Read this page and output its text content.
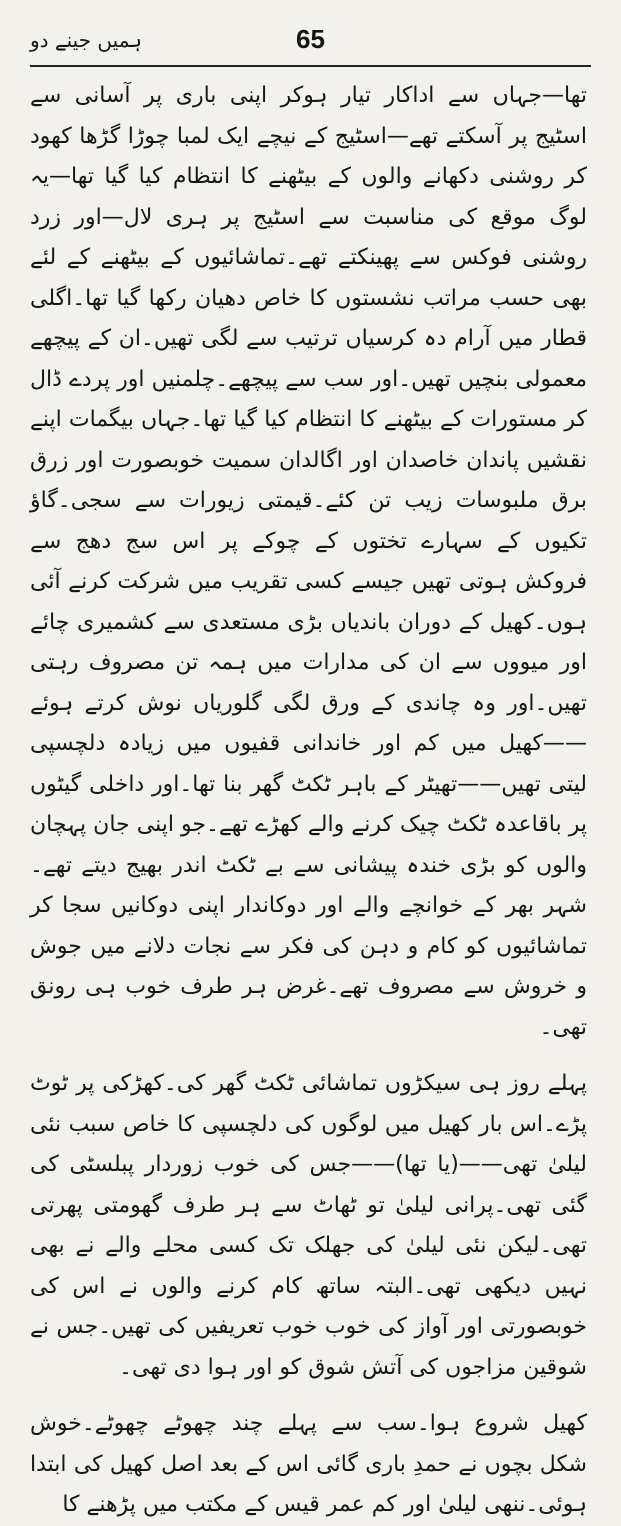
ہمیں جینے دو	65

تھا—جہاں سے اداکار تیار ہوکر اپنی باری پر آسانی سے اسٹیج پر آسکتے تھے—اسٹیج کے نیچے ایک لمبا چوڑا گڑھا کھود کر روشنی دکھانے والوں کے بیٹھنے کا انتظام کیا گیا تھا—یہ لوگ موقع کی مناسبت سے اسٹیج پر ہری لال—اور زرد روشنی فوکس سے پھینکتے تھے۔تماشائیوں کے بیٹھنے کے لئے بھی حسب مراتب نشستوں کا خاص دھیان رکھا گیا تھا۔اگلی قطار میں آرام دہ کرسیاں ترتیب سے لگی تھیں۔ان کے پیچھے معمولی بنچیں تھیں۔اور سب سے پیچھے۔چلمنیں اور پردے ڈال کر مستورات کے بیٹھنے کا انتظام کیا گیا تھا۔جہاں بیگمات اپنے نقشیں پاندان خاصدان اور اگالدان سمیت خوبصورت اور زرق برق ملبوسات زیب تن کئے۔قیمتی زیورات سے سجی۔گاؤ تکیوں کے سہارے تختوں کے چوکے پر اس سج دھج سے فروکش ہوتی تھیں جیسے کسی تقریب میں شرکت کرنے آئی ہوں۔کھیل کے دوران باندیاں بڑی مستعدی سے کشمیری چائے اور میووں سے ان کی مدارات میں ہمہ تن مصروف رہتی تھیں۔اور وہ چاندی کے ورق لگی گلوریاں نوش کرتے ہوئے——کھیل میں کم اور خاندانی قفیوں میں زیادہ دلچسپی لیتی تھیں——تھیٹر کے باہر ٹکٹ گھر بنا تھا۔اور داخلی گیٹوں پر باقاعدہ ٹکٹ چیک کرنے والے کھڑے تھے۔جو اپنی جان پہچان والوں کو بڑی خندہ پیشانی سے بے ٹکٹ اندر بھیج دیتے تھے۔شہر بھر کے خوانچے والے اور دوکاندار اپنی دوکانیں سجا کر تماشائیوں کو کام و دہن کی فکر سے نجات دلانے میں جوش و خروش سے مصروف تھے۔غرض ہر طرف خوب ہی رونق تھی۔

پہلے روز ہی سیکڑوں تماشائی ٹکٹ گھر کی۔کھڑکی پر ٹوٹ پڑے۔اس بار کھیل میں لوگوں کی دلچسپی کا خاص سبب نئی لیلیٰ تھی——(یا تھا)——جس کی خوب زوردار پبلسٹی کی گئی تھی۔پرانی لیلیٰ تو ٹھاٹ سے ہر طرف گھومتی پھرتی تھی۔لیکن نئی لیلیٰ کی جھلک تک کسی محلے والے نے بھی نہیں دیکھی تھی۔البتہ ساتھ کام کرنے والوں نے اس کی خوبصورتی اور آواز کی خوب خوب تعریفیں کی تھیں۔جس نے شوقین مزاجوں کی آتش شوق کو اور ہوا دی تھی۔

کھیل شروع ہوا۔سب سے پہلے چند چھوٹے چھوٹے۔خوش شکل بچوں نے حمدِ باری گائی اس کے بعد اصل کھیل کی ابتدا ہوئی۔ننھی لیلیٰ اور کم عمر قیس کے مکتب میں پڑھنے کا
